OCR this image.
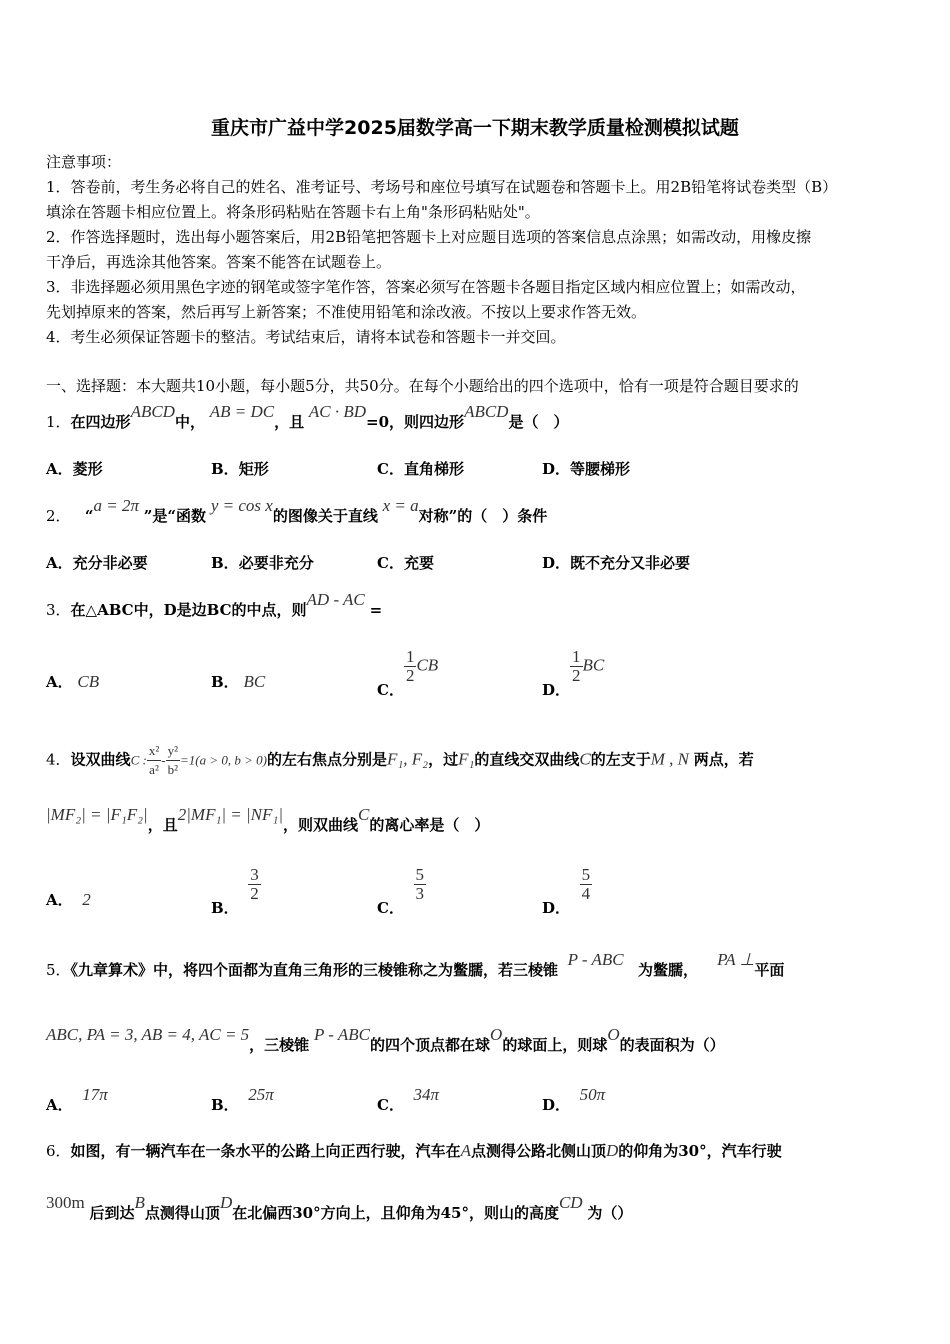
重庆市广益中学2025届数学高一下期末教学质量检测模拟试题
注意事项：
1．答卷前，考生务必将自己的姓名、准考证号、考场号和座位号填写在试题卷和答题卡上。用2B铅笔将试卷类型（B）
填涂在答题卡相应位置上。将条形码粘贴在答题卡右上角"条形码粘贴处"。
2．作答选择题时，选出每小题答案后，用2B铅笔把答题卡上对应题目选项的答案信息点涂黑；如需改动，用橡皮擦
干净后，再选涂其他答案。答案不能答在试题卷上。
3．非选择题必须用黑色字迹的钢笔或签字笔作答，答案必须写在答题卡各题目指定区域内相应位置上；如需改动，
先划掉原来的答案，然后再写上新答案；不准使用铅笔和涂改液。不按以上要求作答无效。
4．考生必须保证答题卡的整洁。考试结束后，请将本试卷和答题卡一并交回。
一、选择题：本大题共10小题，每小题5分，共50分。在每个小题给出的四个选项中，恰有一项是符合题目要求的
1．在四边形ABCD中， AB = DC，且 AC · BD=0，则四边形ABCD是（　）
A．菱形	B．矩形	C．直角梯形	D．等腰梯形
2． “a = 2π ”是“函数 y = cos x的图像关于直线 x = a对称”的（　）条件
A．充分非必要	B．必要非充分	C．充要	D．既不充分又非必要
3．在△ABC中，D是边BC的中点，则AD - AC =
A． CB	B． BC	C．
$\frac{1}{2}$ CB
D．
$\frac{1}{2}$ BC
4．设双曲线C : $\frac{\text{x²}}{\text{a²}} - \frac{\text{y²}}{\text{b²}} =1(a > 0$, b > 0)的左右焦点分别是F₁, F₂，过F₁的直线交双曲线C的左支于M , N 两点，若
|MF₂| = |F₁F₂|，且2|MF₁| = |NF₁|，则双曲线C的离心率是（　）
A． 2	B．
$\frac{3}{2}$
C．
$\frac{5}{3}$
D．
$\frac{5}{4}$
5．《九章算术》中，将四个面都为直角三角形的三棱锥称之为鳖臑，若三棱锥  P - ABC   为鳖臑，    PA ⊥平面
ABC, PA = 3, AB = 4, AC = 5，三棱锥 P - ABC的四个顶点都在球O的球面上，则球O的表面积为（）
A．  17π
B．  25π
C．  34π
D．  50π
6．如图，有一辆汽车在一条水平的公路上向正西行驶，汽车在A点测得公路北侧山顶D的仰角为30°，汽车行驶
300m 后到达B点测得山顶D在北偏西30°方向上，且仰角为45°，则山的高度CD 为（）
